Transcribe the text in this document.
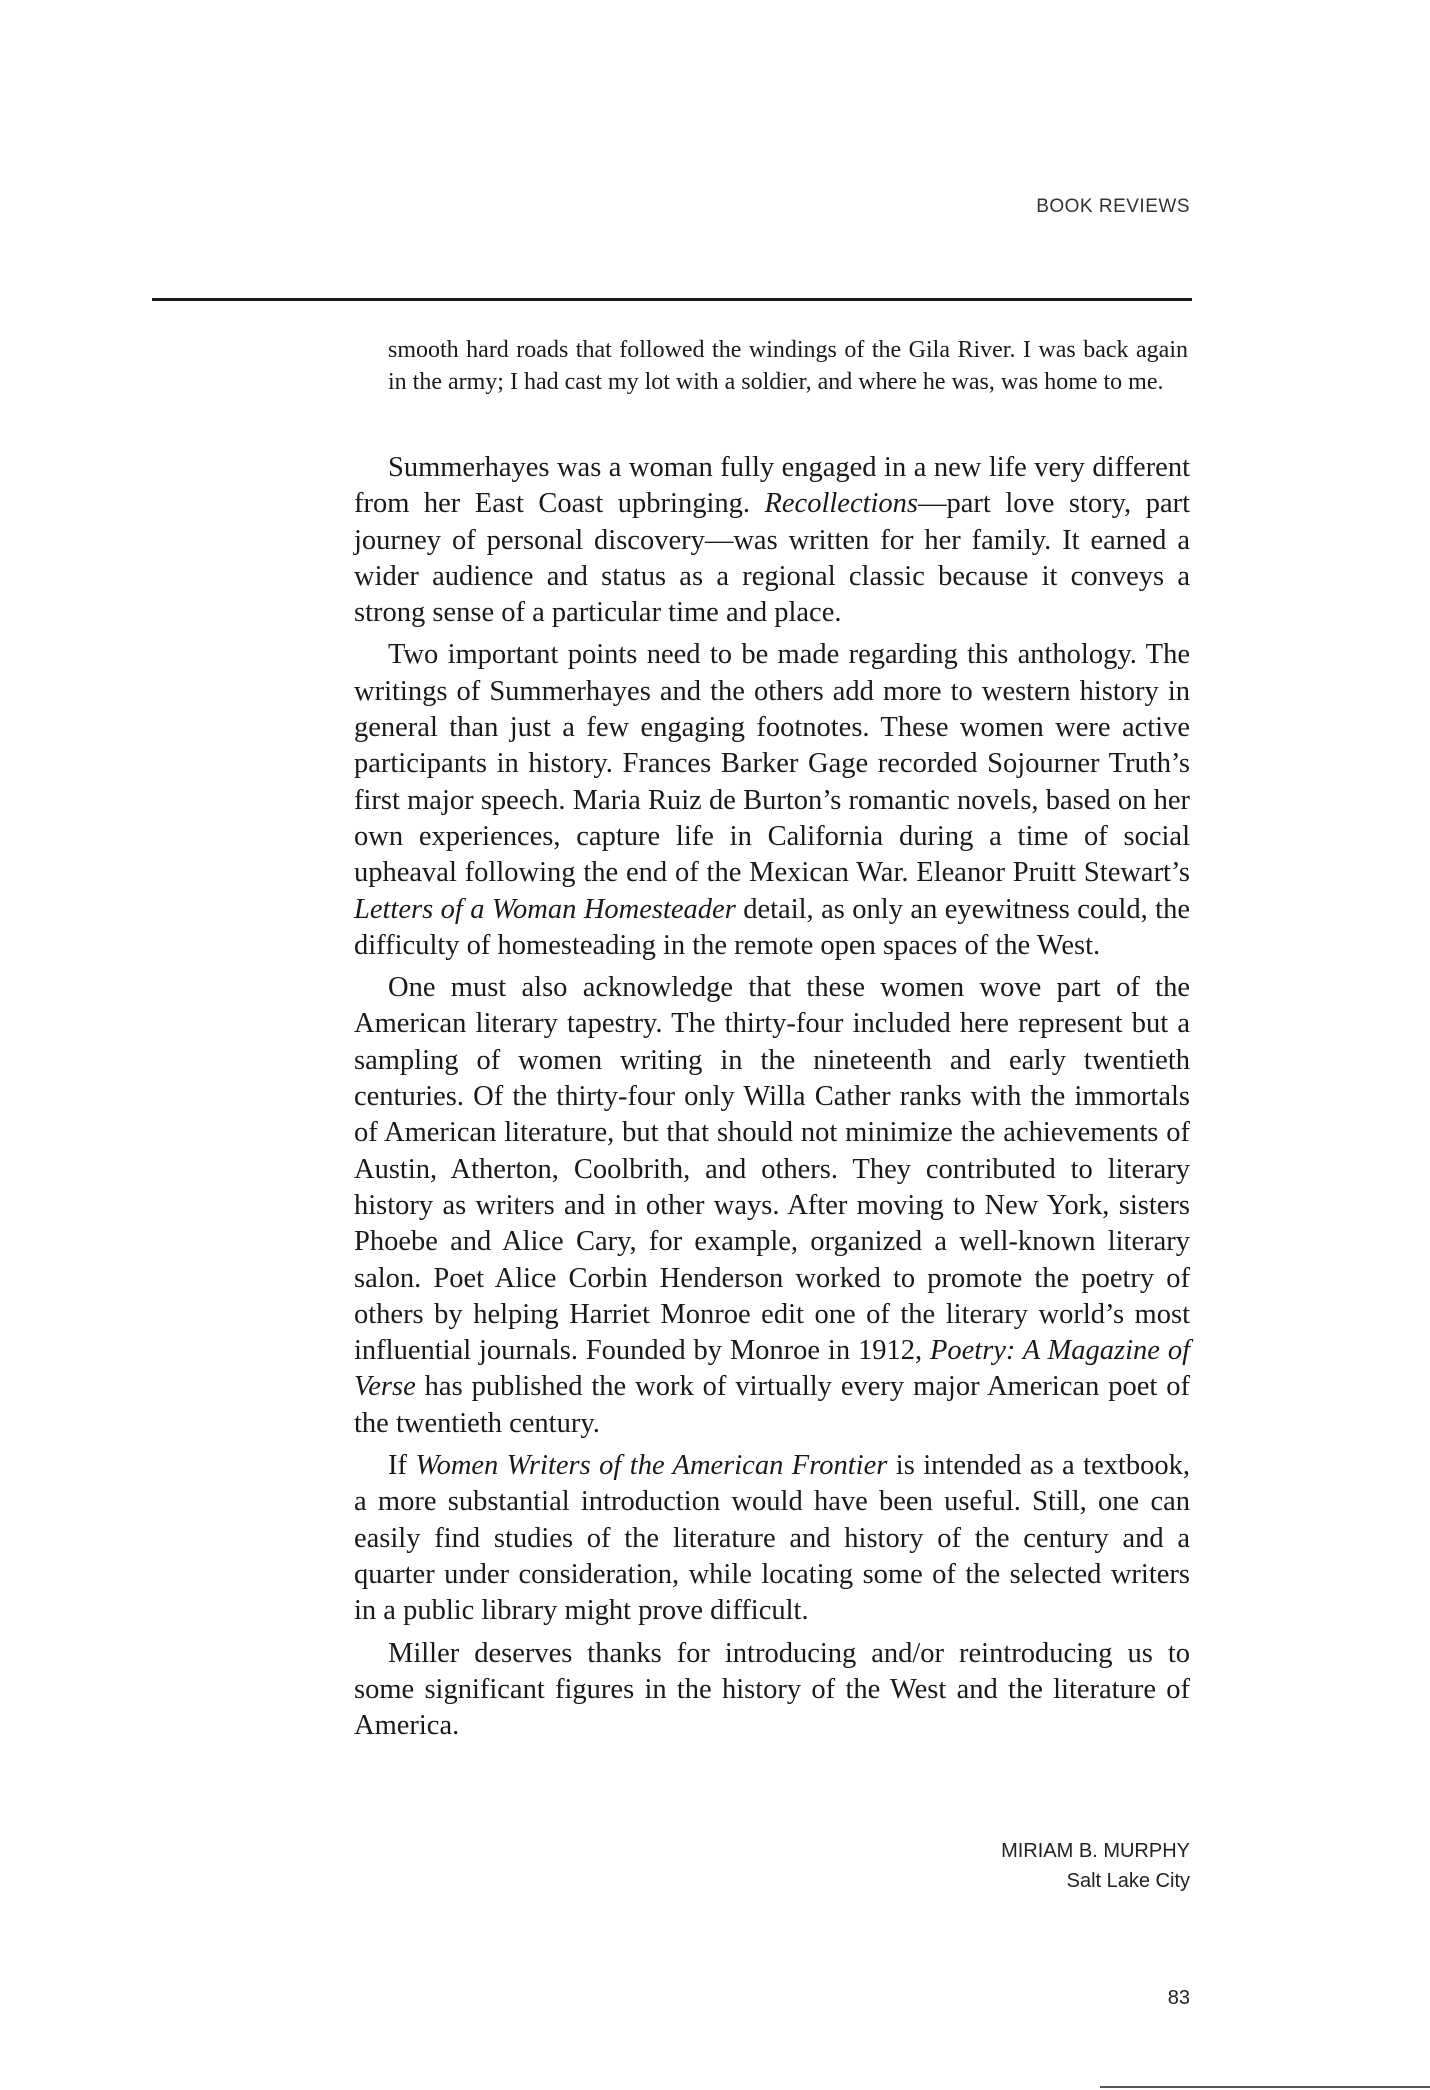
BOOK REVIEWS

smooth hard roads that followed the windings of the Gila River. I was back again in the army; I had cast my lot with a soldier, and where he was, was home to me.

Summerhayes was a woman fully engaged in a new life very different from her East Coast upbringing. Recollections—part love story, part journey of personal discovery—was written for her family. It earned a wider audience and status as a regional classic because it conveys a strong sense of a particular time and place.

Two important points need to be made regarding this anthology. The writings of Summerhayes and the others add more to western history in general than just a few engaging footnotes. These women were active participants in history. Frances Barker Gage recorded Sojourner Truth’s first major speech. Maria Ruiz de Burton’s romantic novels, based on her own experiences, capture life in California during a time of social upheaval following the end of the Mexican War. Eleanor Pruitt Stewart’s Letters of a Woman Homesteader detail, as only an eyewitness could, the difficulty of homesteading in the remote open spaces of the West.

One must also acknowledge that these women wove part of the American literary tapestry. The thirty-four included here represent but a sampling of women writing in the nineteenth and early twentieth centuries. Of the thirty-four only Willa Cather ranks with the immortals of American literature, but that should not minimize the achievements of Austin, Atherton, Coolbrith, and others. They contributed to literary history as writers and in other ways. After moving to New York, sisters Phoebe and Alice Cary, for example, organized a well-known literary salon. Poet Alice Corbin Henderson worked to promote the poetry of others by helping Harriet Monroe edit one of the literary world’s most influential journals. Founded by Monroe in 1912, Poetry: A Magazine of Verse has published the work of virtually every major American poet of the twentieth century.

If Women Writers of the American Frontier is intended as a textbook, a more substantial introduction would have been useful. Still, one can easily find studies of the literature and history of the century and a quarter under consideration, while locating some of the selected writers in a public library might prove difficult.

Miller deserves thanks for introducing and/or reintroducing us to some significant figures in the history of the West and the literature of America.

MIRIAM B. MURPHY
Salt Lake City
83
